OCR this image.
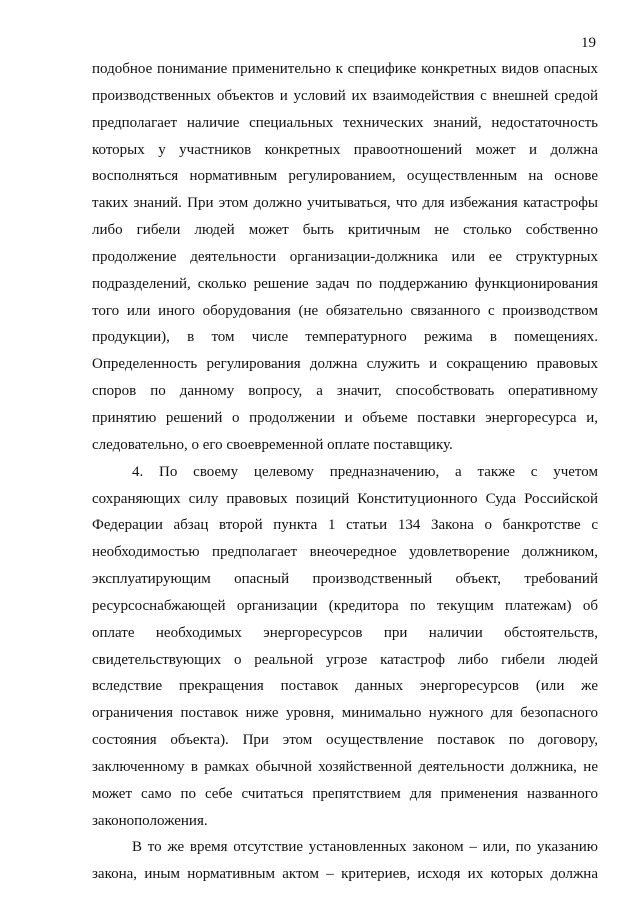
19
подобное понимание применительно к специфике конкретных видов опасных
производственных объектов и условий их взаимодействия с внешней средой
предполагает наличие специальных технических знаний, недостаточность
которых у участников конкретных правоотношений может и должна
восполняться нормативным регулированием, осуществленным на основе
таких знаний. При этом должно учитываться, что для избежания катастрофы
либо гибели людей может быть критичным не столько собственно
продолжение деятельности организации-должника или ее структурных
подразделений, сколько решение задач по поддержанию функционирования
того или иного оборудования (не обязательно связанного с производством
продукции), в том числе температурного режима в помещениях.
Определенность регулирования должна служить и сокращению правовых
споров по данному вопросу, а значит, способствовать оперативному
принятию решений о продолжении и объеме поставки энергоресурса и,
следовательно, о его своевременной оплате поставщику.
4. По своему целевому предназначению, а также с учетом
сохраняющих силу правовых позиций Конституционного Суда Российской
Федерации абзац второй пункта 1 статьи 134 Закона о банкротстве с
необходимостью предполагает внеочередное удовлетворение должником,
эксплуатирующим опасный производственный объект, требований
ресурсоснабжающей организации (кредитора по текущим платежам) об
оплате необходимых энергоресурсов при наличии обстоятельств,
свидетельствующих о реальной угрозе катастроф либо гибели людей
вследствие прекращения поставок данных энергоресурсов (или же
ограничения поставок ниже уровня, минимально нужного для безопасного
состояния объекта). При этом осуществление поставок по договору,
заключенному в рамках обычной хозяйственной деятельности должника, не
может само по себе считаться препятствием для применения названного
законоположения.
В то же время отсутствие установленных законом – или, по указанию
закона, иным нормативным актом – критериев, исходя их которых должна
